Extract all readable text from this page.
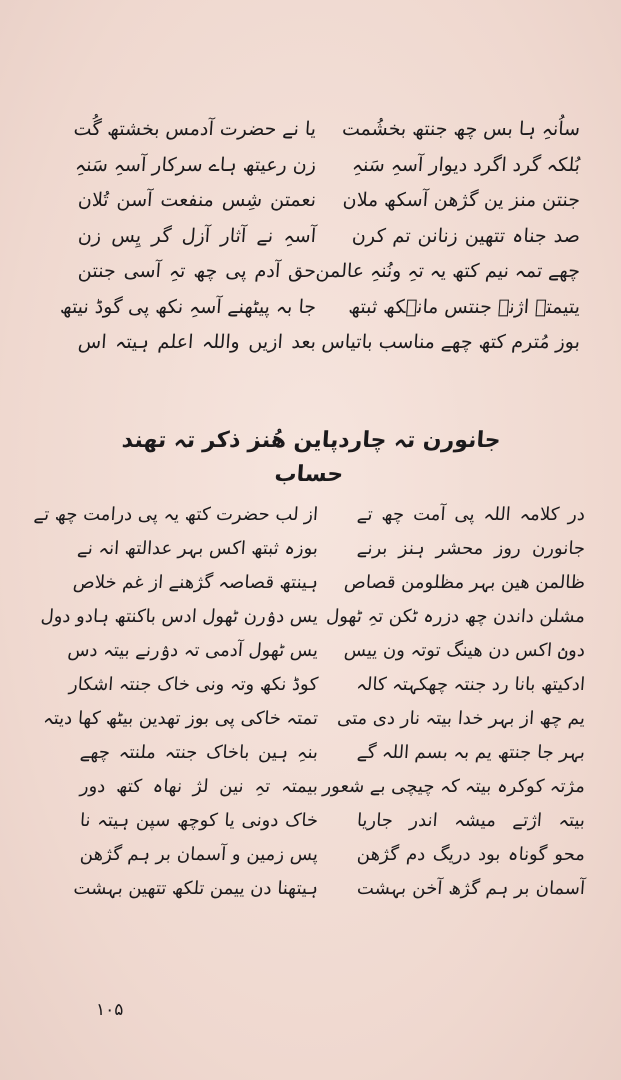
ساُنہِ ہا بس چھ جنتھ بخشُمت
بُلکہ گرد اگرد دیوار آسہِ سَنہِ
جنتن منز ین گژھن آسکھ ملان
صد جناہ تتھین زنانن تم کرن
چھے تمہ نیم کتھ یہ تہِ ونُنہِ عالمن
یتیمتہ اژنے جنتس مانٛکھ ثبتھ
بوز مُترم کتھ چھے مناسب باتیاس
یا نے حضرت آدمس بخشتھ گُت
زن رعیتھ ہاے سرکار آسہِ سَنہِ
نعمتن شِس منفعت آسن تُلان
آسہِ نے آثار آزل گر یِس زن
حق آدم پی چھ تہِ آسی جنتن
جا بہ پیٹھنے آسہِ نکھ پی گوڈ نیتھ
بعد ازیں واللہ اعلم ہیتہ اس
جانورن تہ چاردپاین ھُنز ذکر تہ تھند حساب
در کلامہ اللہ پی آمت چھ تے
جانورن روز محشر ہنز برنے
ظالمن ھین بہر مظلومن قصاص
مشلن داندن چھ دزرہ ٹکن تہِ ٹھول
دونٛ اکس دن ھینگ توتہ ون ییس
ادکیتھ بانا رد جنتہ چھکہتہ کالہ
یم چھ از بہر خدا بیتہ نار دی متی
بہر جا جنتھ یم بہ بسم اللہ گے
مژتہ کوکرہ بیتہ کہ چیچی بے شعور
بیتہ اژتے میشہ اندر جاریا
محو گوناہ بود دریگ دم گژھن
آسمان بر ہم گژھ آخن بہشت
از لب حضرت کتھ یہ پی درامت چھ تے
بوزہ ثبتھ اکس بہر عدالتھ انہ نے
ہینتھ قصاصہ گژھنے از غم خلاص
یس دوٛرن ٹھول ادس باکنتھ ہادو دول
یس ٹھول آدمی تہ دوٛرنے بیتہ دس
کوڈ نکھ وتہ ونی خاک جنتہ اشکار
تمتہ خاکی پی بوز تھدین بیٹھ کھا دیتہ
بنہِ ہین باخاک جنتہ ملنتہ چھے
بیمتہ تہِ نین لژ نھاہ کتھ دور
خاک دونی یا کوچھ سپن ہیتہ نا
پس زمین و آسمان بر ہم گژھن
ہیتھنا دن ییمن تلکھ تتھین بہشت
۱۰۵
